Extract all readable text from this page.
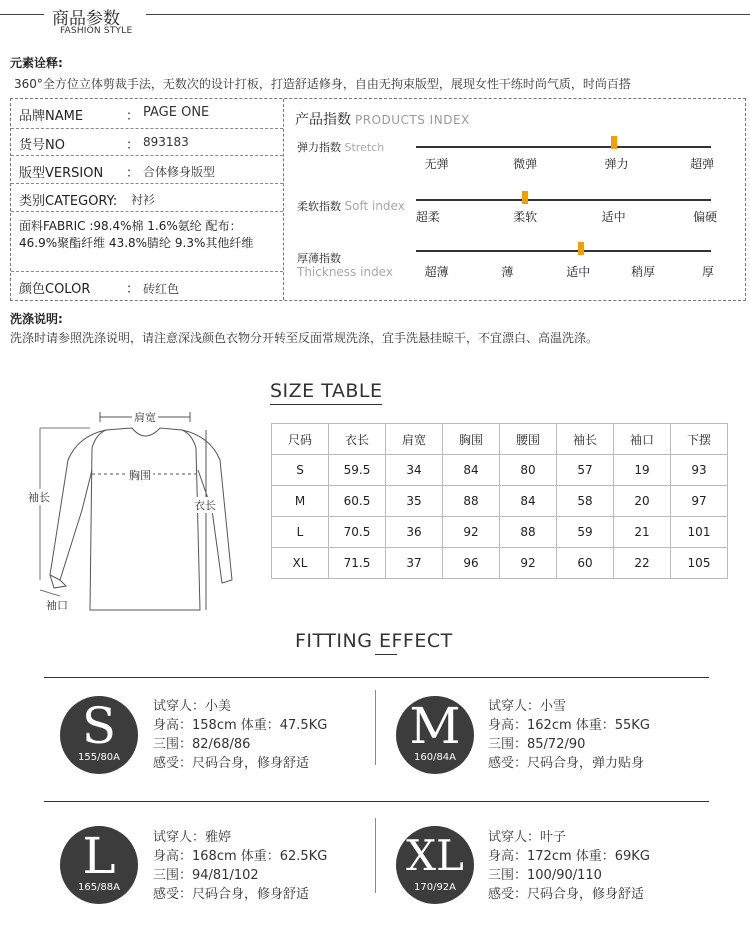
商品参数
FASHION STYLE
元素诠释:
360°全方位立体剪裁手法，无数次的设计打板，打造舒适修身，自由无拘束版型，展现女性干练时尚气质，时尚百搭
品牌NAME	： PAGE ONE
货号NO	： 893183
版型VERSION ： 合体修身版型
类别CATEGORY: 衬衫
面料FABRIC :98.4%棉 1.6%氨纶 配布：46.9%聚酯纤维 43.8%腈纶 9.3%其他纤维
颜色COLOR	： 砖红色
产品指数 PRODUCTS INDEX
弹力指数 Stretch
无弹	微弹	弹力	超弹
柔软指数 Soft index
超柔	柔软	适中	偏硬
厚薄指数
Thickness index	超薄	薄	适中	稍厚	厚
洗涤说明:
洗涤时请参照洗涤说明，请注意深浅颜色衣物分开转至反面常规洗涤，宜手洗悬挂晾干，不宜漂白、高温洗涤。
肩宽
胸围
袖长
衣长
袖口
SIZE TABLE
尺码	衣长	肩宽	胸围	腰围	袖长	袖口	下摆
S	59.5	34	84	80	57	19	93
M	60.5	35	88	84	58	20	97
L	70.5	36	92	88	59	21	101
XL	71.5	37	96	92	60	22	105
FITTING EFFECT
S
155/80A
试穿人：小美
身高：158cm 体重：47.5KG
三围：82/68/86
感受：尺码合身，修身舒适
M
160/84A
试穿人：小雪
身高：162cm 体重：55KG
三围：85/72/90
感受：尺码合身，弹力贴身
L
165/88A
试穿人：雅婷
身高：168cm 体重：62.5KG
三围：94/81/102
感受：尺码合身，修身舒适
XL
170/92A
试穿人：叶子
身高：172cm 体重：69KG
三围：100/90/110
感受：尺码合身，修身舒适
